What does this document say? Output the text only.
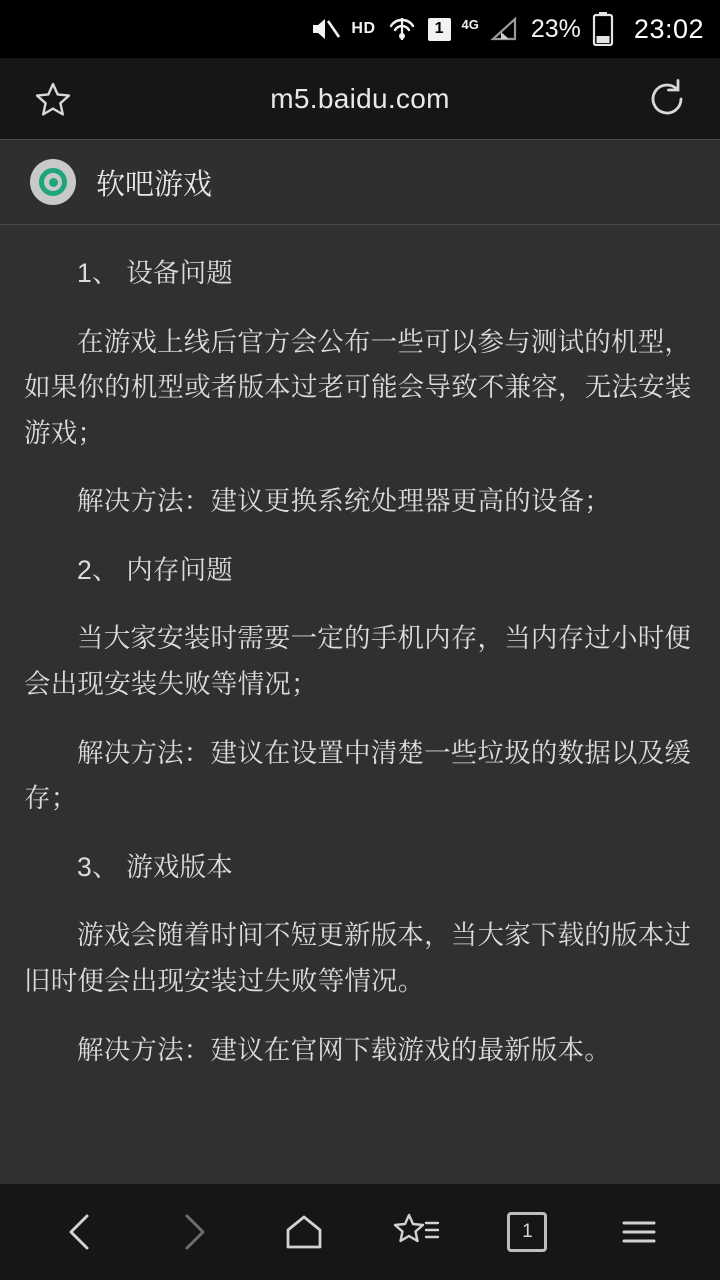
HD	1	4G 23% 23:02
m5.baidu.com
软吧游戏

1、 设备问题

在游戏上线后官方会公布一些可以参与测试的机型，如果你的机型或者版本过老可能会导致不兼容，无法安装游戏；

解决方法：建议更换系统处理器更高的设备；

2、 内存问题

当大家安装时需要一定的手机内存，当内存过小时便会出现安装失败等情况；

解决方法：建议在设置中清楚一些垃圾的数据以及缓存；

3、 游戏版本

游戏会随着时间不短更新版本，当大家下载的版本过旧时便会出现安装过失败等情况。

解决方法：建议在官网下载游戏的最新版本。

1
